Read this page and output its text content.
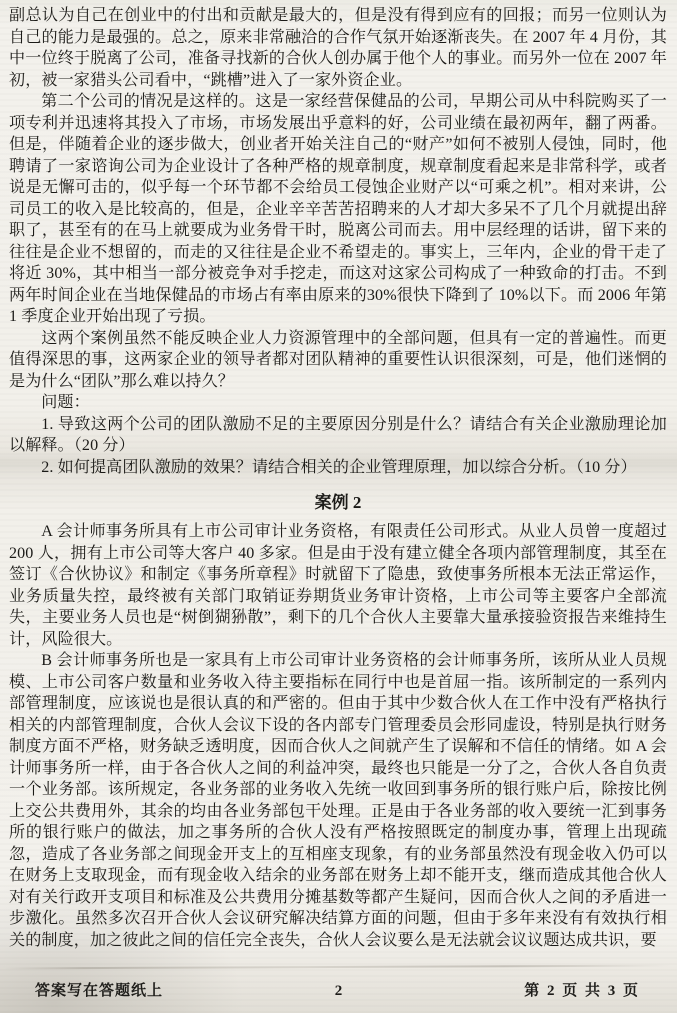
副总认为自己在创业中的付出和贡献是最大的，但是没有得到应有的回报；而另一位则认为自己的能力是最强的。总之，原来非常融洽的合作气氛开始逐渐丧失。在 2007 年 4 月份，其中一位终于脱离了公司，准备寻找新的合伙人创办属于他个人的事业。而另外一位在 2007 年初，被一家猎头公司看中，“跳槽”进入了一家外资企业。

第二个公司的情况是这样的。这是一家经营保健品的公司，早期公司从中科院购买了一项专利并迅速将其投入了市场，市场发展出乎意料的好，公司业绩在最初两年，翻了两番。但是，伴随着企业的逐步做大，创业者开始关注自己的“财产”如何不被别人侵蚀，同时，他聘请了一家谘询公司为企业设计了各种严格的规章制度，规章制度看起来是非常科学，或者说是无懈可击的，似乎每一个环节都不会给员工侵蚀企业财产以“可乘之机”。相对来讲，公司员工的收入是比较高的，但是，企业辛辛苦苦招聘来的人才却大多呆不了几个月就提出辞职了，甚至有的在马上就要成为业务骨干时，脱离公司而去。用中层经理的话讲，留下来的往往是企业不想留的，而走的又往往是企业不希望走的。事实上，三年内，企业的骨干走了将近 30%，其中相当一部分被竞争对手挖走，而这对这家公司构成了一种致命的打击。不到两年时间企业在当地保健品的市场占有率由原来的30%很快下降到了 10%以下。而 2006 年第 1 季度企业开始出现了亏损。

这两个案例虽然不能反映企业人力资源管理中的全部问题，但具有一定的普遍性。而更值得深思的事，这两家企业的领导者都对团队精神的重要性认识很深刻，可是，他们迷惘的是为什么“团队”那么难以持久？

问题：

1. 导致这两个公司的团队激励不足的主要原因分别是什么？请结合有关企业激励理论加以解释。（20 分）

2. 如何提高团队激励的效果？请结合相关的企业管理原理，加以综合分析。（10 分）

案例 2

A 会计师事务所具有上市公司审计业务资格，有限责任公司形式。从业人员曾一度超过 200 人，拥有上市公司等大客户 40 多家。但是由于没有建立健全各项内部管理制度，其至在签订《合伙协议》和制定《事务所章程》时就留下了隐患，致使事务所根本无法正常运作，业务质量失控，最终被有关部门取销证券期货业务审计资格，上市公司等主要客户全部流失，主要业务人员也是“树倒猢狲散”，剩下的几个合伙人主要靠大量承接验资报告来维持生计，风险很大。

B 会计师事务所也是一家具有上市公司审计业务资格的会计师事务所，该所从业人员规模、上市公司客户数量和业务收入待主要指标在同行中也是首屈一指。该所制定的一系列内部管理制度，应该说也是很认真的和严密的。但由于其中少数合伙人在工作中没有严格执行相关的内部管理制度，合伙人会议下设的各内部专门管理委员会形同虚设，特别是执行财务制度方面不严格，财务缺乏透明度，因而合伙人之间就产生了误解和不信任的情绪。如 A 会计师事务所一样，由于各合伙人之间的利益冲突，最终也只能是一分了之，合伙人各自负责一个业务部。该所规定，各业务部的业务收入先统一收回到事务所的银行账户后，除按比例上交公共费用外，其余的均由各业务部包干处理。正是由于各业务部的收入要统一汇到事务所的银行账户的做法，加之事务所的合伙人没有严格按照既定的制度办事，管理上出现疏忽，造成了各业务部之间现金开支上的互相座支现象，有的业务部虽然没有现金收入仍可以在财务上支取现金，而有现金收入结余的业务部在财务上却不能开支，继而造成其他合伙人对有关行政开支项目和标准及公共费用分摊基数等都产生疑问，因而合伙人之间的矛盾进一步激化。虽然多次召开合伙人会议研究解决结算方面的问题，但由于多年来没有有效执行相关的制度，加之彼此之间的信任完全丧失，合伙人会议要么是无法就会议议题达成共识，要

答案写在答题纸上	2	第 2 页 共 3 页
